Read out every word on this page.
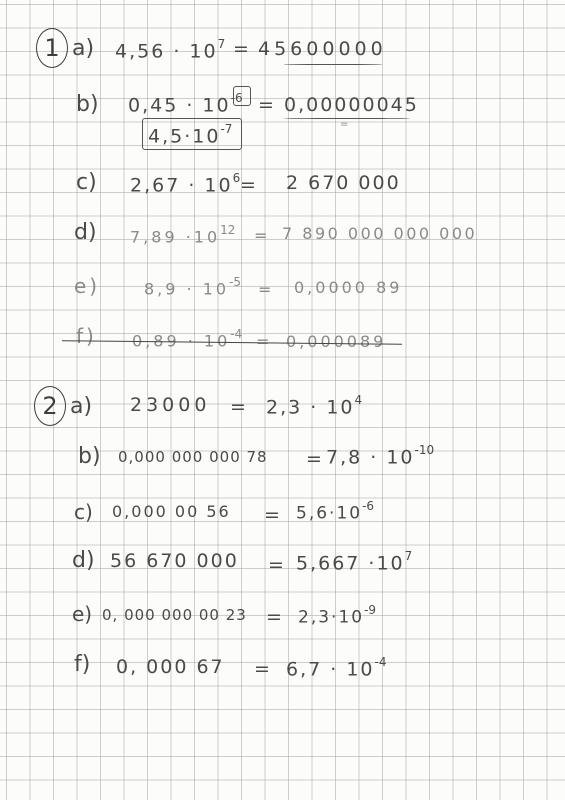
1 a) $4,56 \cdot 10^7 = 45600000$
b) $0,45 \cdot 10^{-6} = 0,00000045$
=
$4,5\cdot 10^{-7}$
c) $2,67 \cdot 10^6 = 2$ 670 000
d) $7,89 \cdot 10^{12} = 7$ 890 000 000 000
e)	$8,9 \cdot 10^{-5} = 0,0000$ 89
f) $0,89 \cdot 10^{-4} = 0,000089$
2 a) $23000 = 2,3 \cdot 10^4$
b) 0,000 000 000 $78 = 7,8 \cdot 10^{-10}$
c) 0,000 00 $56 = 5,6\cdot 10^{-6}$
d) 56 670 $000 = 5,667 \cdot 10^7$
e) 0, 000 000 00 $23 = 2,3\cdot 10^{-9}$
f) 0, 000 $67 = 6,7 \cdot 10^{-4}$
